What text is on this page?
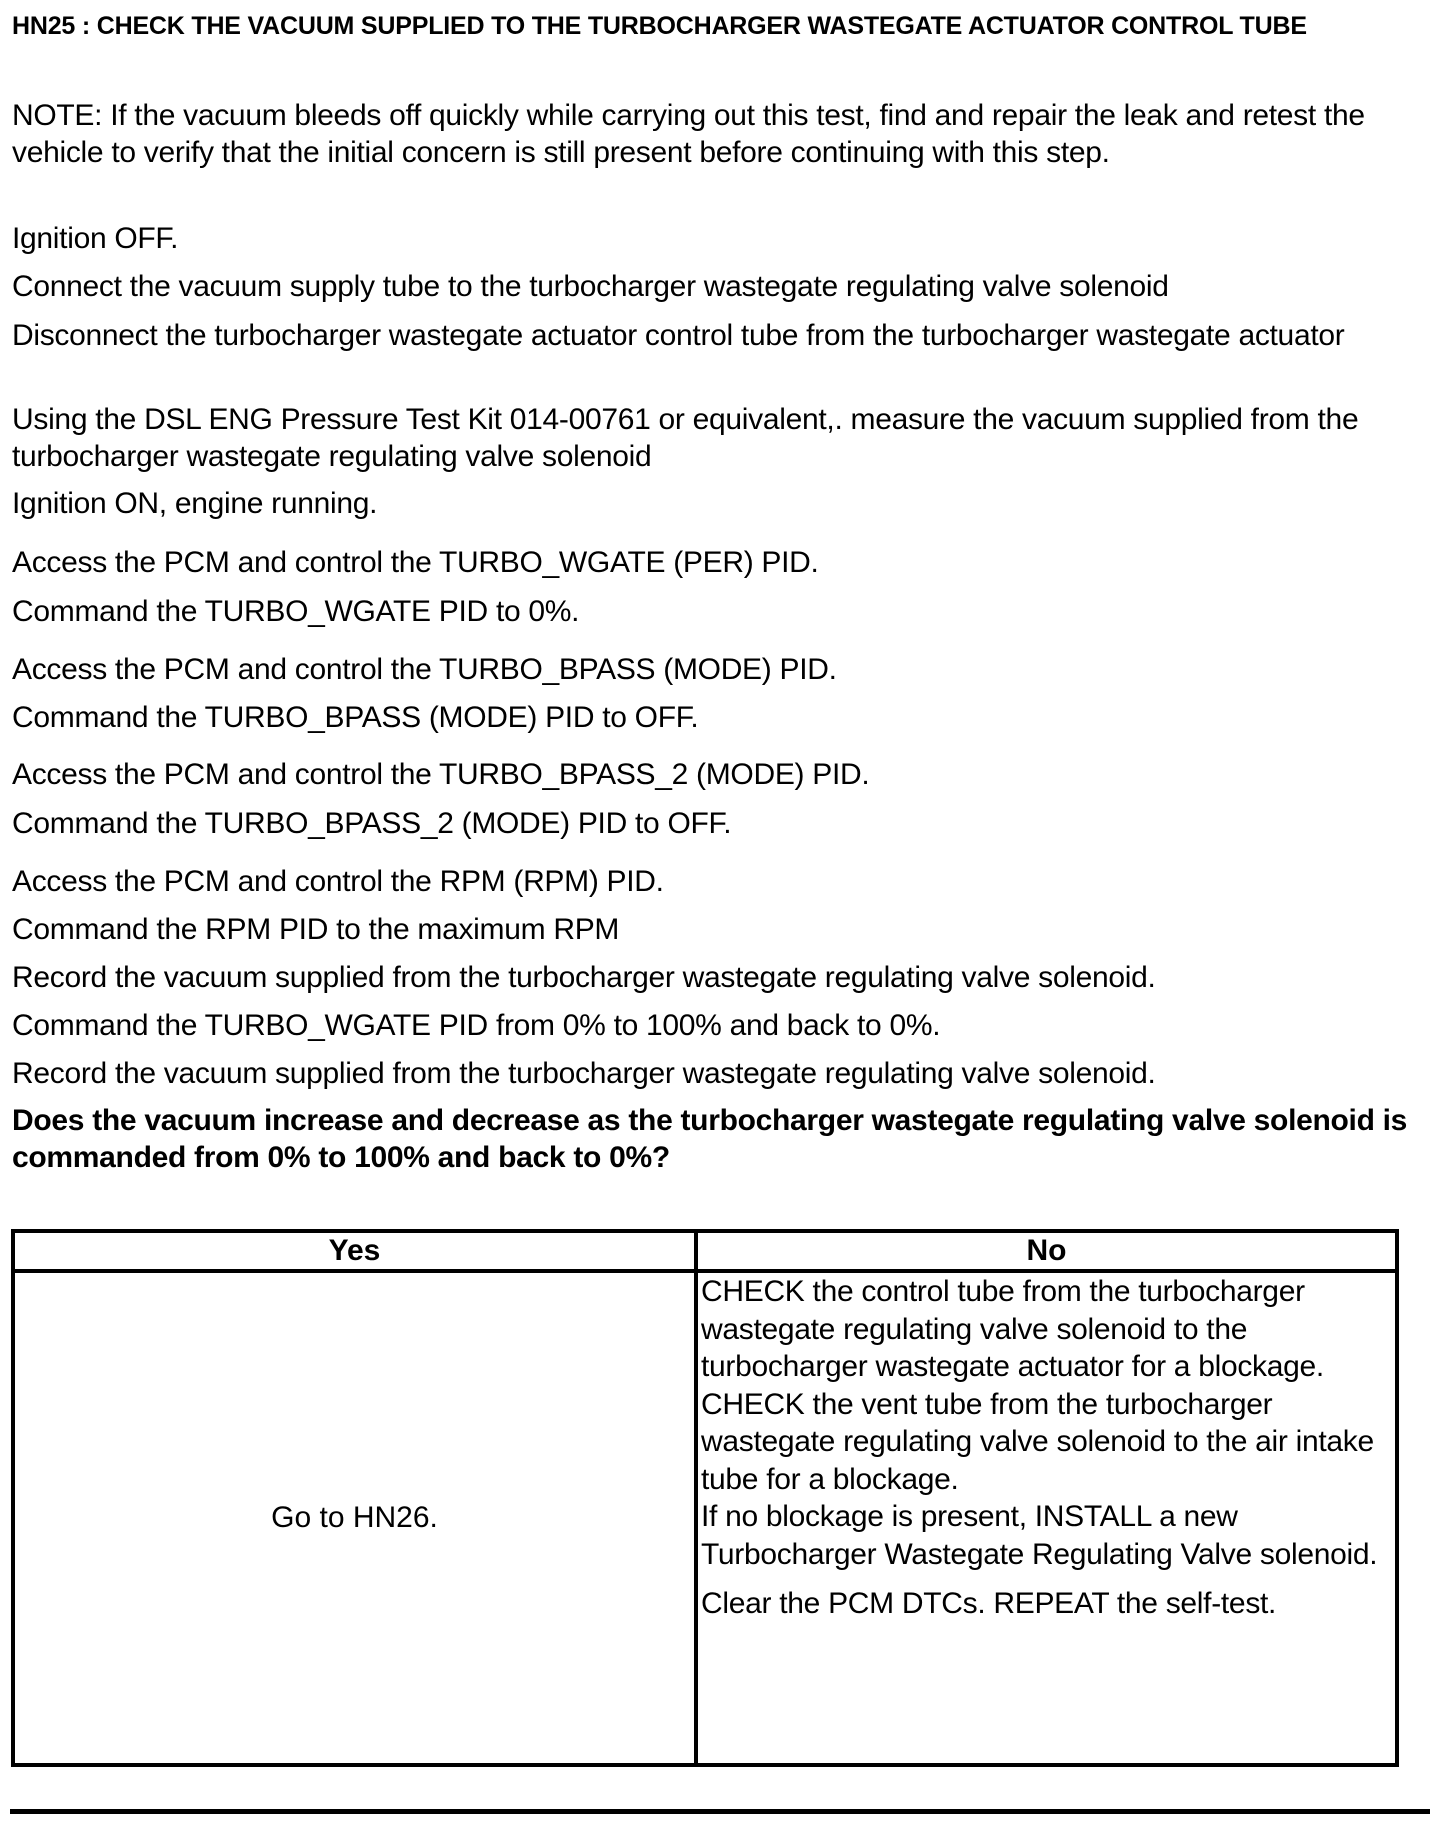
HN25 : CHECK THE VACUUM SUPPLIED TO THE TURBOCHARGER WASTEGATE ACTUATOR CONTROL TUBE
NOTE: If the vacuum bleeds off quickly while carrying out this test, find and repair the leak and retest the vehicle to verify that the initial concern is still present before continuing with this step.
Ignition OFF.
Connect the vacuum supply tube to the turbocharger wastegate regulating valve solenoid
Disconnect the turbocharger wastegate actuator control tube from the turbocharger wastegate actuator
Using the DSL ENG Pressure Test Kit 014-00761 or equivalent,. measure the vacuum supplied from the turbocharger wastegate regulating valve solenoid
Ignition ON, engine running.
Access the PCM and control the TURBO_WGATE (PER) PID.
Command the TURBO_WGATE PID to 0%.
Access the PCM and control the TURBO_BPASS (MODE) PID.
Command the TURBO_BPASS (MODE) PID to OFF.
Access the PCM and control the TURBO_BPASS_2 (MODE) PID.
Command the TURBO_BPASS_2 (MODE) PID to OFF.
Access the PCM and control the RPM (RPM) PID.
Command the RPM PID to the maximum RPM
Record the vacuum supplied from the turbocharger wastegate regulating valve solenoid.
Command the TURBO_WGATE PID from 0% to 100% and back to 0%.
Record the vacuum supplied from the turbocharger wastegate regulating valve solenoid.
Does the vacuum increase and decrease as the turbocharger wastegate regulating valve solenoid is commanded from 0% to 100% and back to 0%?
Yes	No
Go to HN26.	CHECK the control tube from the turbocharger wastegate regulating valve solenoid to the turbocharger wastegate actuator for a blockage.
CHECK the vent tube from the turbocharger wastegate regulating valve solenoid to the air intake tube for a blockage.
If no blockage is present, INSTALL a new Turbocharger Wastegate Regulating Valve solenoid.
Clear the PCM DTCs. REPEAT the self-test.
